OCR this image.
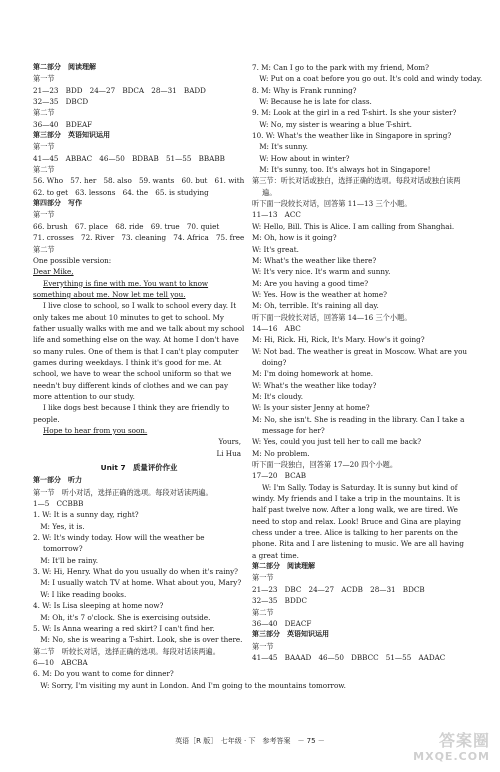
第二部分　阅读理解
第一节
21—23　BDD　24—27　BDCA　28—31　BADD
32—35　DBCD
第二节
36—40　BDEAF
第三部分　英语知识运用
第一节
41—45　ABBAC　46—50　BDBAB　51—55　BBABB
第二节
56. Who　57. her　58. also　59. wants　60. but　61. with
62. to get　63. lessons　64. the　65. is studying
第四部分　写作
第一节
66. brush　67. place　68. ride　69. true　70. quiet
71. crosses　72. River　73. cleaning　74. Africa　75. free
第二节
One possible version:
Dear Mike,
Everything is fine with me. You want to know something about me. Now let me tell you.
I live close to school, so I walk to school every day. It only takes me about 10 minutes to get to school. My father usually walks with me and we talk about my school life and something else on the way. At home I don't have so many rules. One of them is that I can't play computer games during weekdays. I think it's good for me. At school, we have to wear the school uniform so that we needn't buy different kinds of clothes and we can pay more attention to our study.
I like dogs best because I think they are friendly to people.
Hope to hear from you soon.
Yours,
Li Hua
Unit 7　质量评价作业
第一部分　听力
第一节　听小对话，选择正确的选项。每段对话读两遍。
1—5　CCBBB
1. W: It is a sunny day, right?
　M: Yes, it is.
2. W: It's windy today. How will the weather be tomorrow?
　M: It'll be rainy.
3. W: Hi, Henry. What do you usually do when it's rainy?
　M: I usually watch TV at home. What about you, Mary?
　W: I like reading books.
4. W: Is Lisa sleeping at home now?
　M: Oh, it's 7 o'clock. She is exercising outside.
5. W: Is Anna wearing a red skirt? I can't find her.
　M: No, she is wearing a T-shirt. Look, she is over there.
第二节　听较长对话，选择正确的选项。每段对话读两遍。
6—10　ABCBA
6. M: Do you want to come for dinner?
　W: Sorry, I'm visiting my aunt in London. And I'm going to the mountains tomorrow.
7. M: Can I go to the park with my friend, Mom?
　W: Put on a coat before you go out. It's cold and windy today.
8. M: Why is Frank running?
　W: Because he is late for class.
9. M: Look at the girl in a red T-shirt. Is she your sister?
　W: No, my sister is wearing a blue T-shirt.
10. W: What's the weather like in Singapore in spring?
　M: It's sunny.
　W: How about in winter?
　M: It's sunny, too. It's always hot in Singapore!
第三节：听长对话或独白，选择正确的选项。每段对话或独白读两遍。
听下面一段较长对话，回答第 11—13 三个小题。
11—13　ACC
W: Hello, Bill. This is Alice. I am calling from Shanghai.
M: Oh, how is it going?
W: It's great.
M: What's the weather like there?
W: It's very nice. It's warm and sunny.
M: Are you having a good time?
W: Yes. How is the weather at home?
M: Oh, terrible. It's raining all day.
听下面一段较长对话，回答第 14—16 三个小题。
14—16　ABC
M: Hi, Rick. Hi, Rick, It's Mary. How's it going?
W: Not bad. The weather is great in Moscow. What are you doing?
M: I'm doing homework at home.
W: What's the weather like today?
M: It's cloudy.
W: Is your sister Jenny at home?
M: No, she isn't. She is reading in the library. Can I take a message for her?
W: Yes, could you just tell her to call me back?
M: No problem.
听下面一段独白，回答第 17—20 四个小题。
17—20　BCAB
W: I'm Sally. Today is Saturday. It is sunny but kind of windy. My friends and I take a trip in the mountains. It is half past twelve now. After a long walk, we are tired. We need to stop and relax. Look! Bruce and Gina are playing chess under a tree. Alice is talking to her parents on the phone. Rita and I are listening to music. We are all having a great time.
第二部分　阅读理解
第一节
21—23　DBC　24—27　ACDB　28—31　BDCB
32—35　BDDC
第二节
36—40　DEACF
第三部分　英语知识运用
第一节
41—45　BAAAD　46—50　DBBCC　51—55　AADAC
英语［R 版］　七年级 · 下　参考答案　－ 75 －	答案圈
MXQE.COM
